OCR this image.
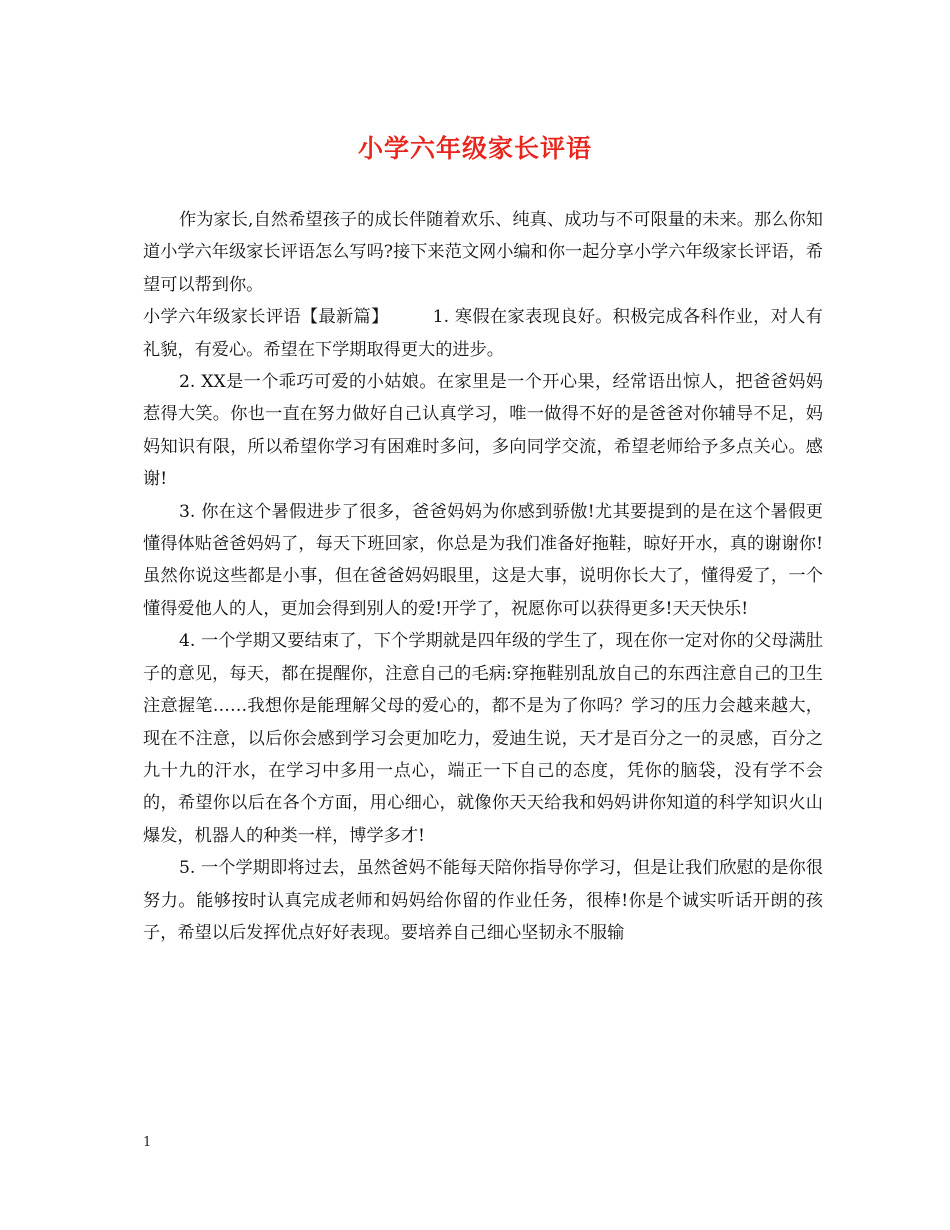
小学六年级家长评语

作为家长,自然希望孩子的成长伴随着欢乐、纯真、成功与不可限量的未来。那么你知道小学六年级家长评语怎么写吗?接下来范文网小编和你一起分享小学六年级家长评语，希望可以帮到你。

小学六年级家长评语【最新篇】	1. 寒假在家表现良好。积极完成各科作业，对人有礼貌，有爱心。希望在下学期取得更大的进步。

2. XX是一个乖巧可爱的小姑娘。在家里是一个开心果，经常语出惊人，把爸爸妈妈惹得大笑。你也一直在努力做好自己认真学习，唯一做得不好的是爸爸对你辅导不足，妈妈知识有限，所以希望你学习有困难时多问，多向同学交流，希望老师给予多点关心。感谢!

3. 你在这个暑假进步了很多，爸爸妈妈为你感到骄傲!尤其要提到的是在这个暑假更懂得体贴爸爸妈妈了，每天下班回家，你总是为我们准备好拖鞋，晾好开水，真的谢谢你!虽然你说这些都是小事，但在爸爸妈妈眼里，这是大事，说明你长大了，懂得爱了，一个懂得爱他人的人，更加会得到别人的爱!开学了，祝愿你可以获得更多!天天快乐!

4. 一个学期又要结束了，下个学期就是四年级的学生了，现在你一定对你的父母满肚子的意见，每天，都在提醒你，注意自己的毛病:穿拖鞋别乱放自己的东西注意自己的卫生注意握笔……我想你是能理解父母的爱心的，都不是为了你吗？学习的压力会越来越大，现在不注意，以后你会感到学习会更加吃力，爱迪生说，天才是百分之一的灵感，百分之九十九的汗水，在学习中多用一点心，端正一下自己的态度，凭你的脑袋，没有学不会的，希望你以后在各个方面，用心细心，就像你天天给我和妈妈讲你知道的科学知识火山爆发，机器人的种类一样，博学多才!

5. 一个学期即将过去，虽然爸妈不能每天陪你指导你学习，但是让我们欣慰的是你很努力。能够按时认真完成老师和妈妈给你留的作业任务，很棒!你是个诚实听话开朗的孩子，希望以后发挥优点好好表现。要培养自己细心坚韧永不服输

1
